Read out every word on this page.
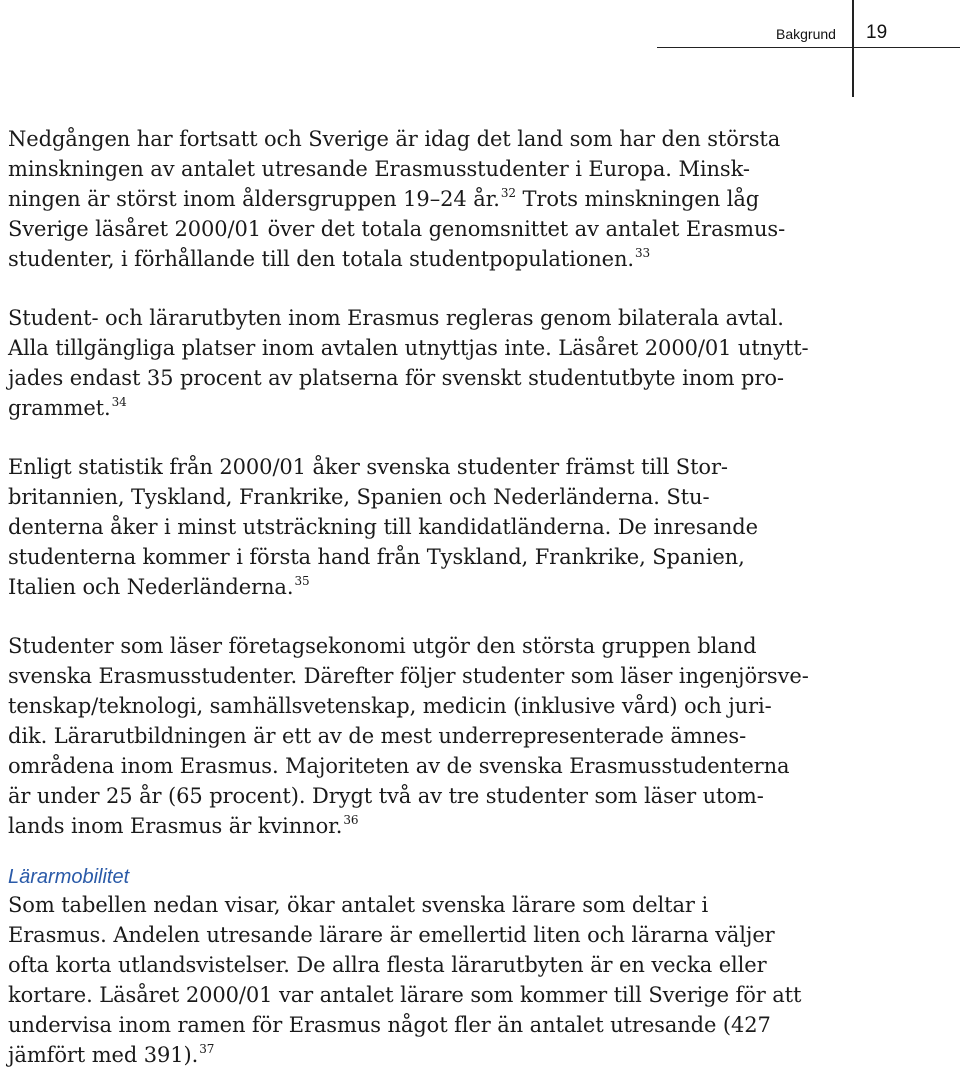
Bakgrund 19

Nedgången har fortsatt och Sverige är idag det land som har den största
minskningen av antalet utresande Erasmusstudenter i Europa. Minsk-
ningen är störst inom åldersgruppen 19–24 år.$^{32}$ Trots minskningen låg
Sverige läsåret 2000/01 över det totala genomsnittet av antalet Erasmus-
studenter, i förhållande till den totala studentpopulationen.$^{33}$

Student- och lärarutbyten inom Erasmus regleras genom bilaterala avtal.
Alla tillgängliga platser inom avtalen utnyttjas inte. Läsåret 2000/01 utnytt-
jades endast 35 procent av platserna för svenskt studentutbyte inom pro-
grammet.$^{34}$

Enligt statistik från 2000/01 åker svenska studenter främst till Stor-
britannien, Tyskland, Frankrike, Spanien och Nederländerna. Stu-
denterna åker i minst utsträckning till kandidatländerna. De inresande
studenterna kommer i första hand från Tyskland, Frankrike, Spanien,
Italien och Nederländerna.$^{35}$

Studenter som läser företagsekonomi utgör den största gruppen bland
svenska Erasmusstudenter. Därefter följer studenter som läser ingenjörsve-
tenskap/teknologi, samhällsvetenskap, medicin (inklusive vård) och juri-
dik. Lärarutbildningen är ett av de mest underrepresenterade ämnes-
områdena inom Erasmus. Majoriteten av de svenska Erasmusstudenterna
är under 25 år (65 procent). Drygt två av tre studenter som läser utom-
lands inom Erasmus är kvinnor.$^{36}$

Lärarmobilitet

Som tabellen nedan visar, ökar antalet svenska lärare som deltar i
Erasmus. Andelen utresande lärare är emellertid liten och lärarna väljer
ofta korta utlandsvistelser. De allra flesta lärarutbyten är en vecka eller
kortare. Läsåret 2000/01 var antalet lärare som kommer till Sverige för att
undervisa inom ramen för Erasmus något fler än antalet utresande (427
jämfört med 391).$^{37}$
